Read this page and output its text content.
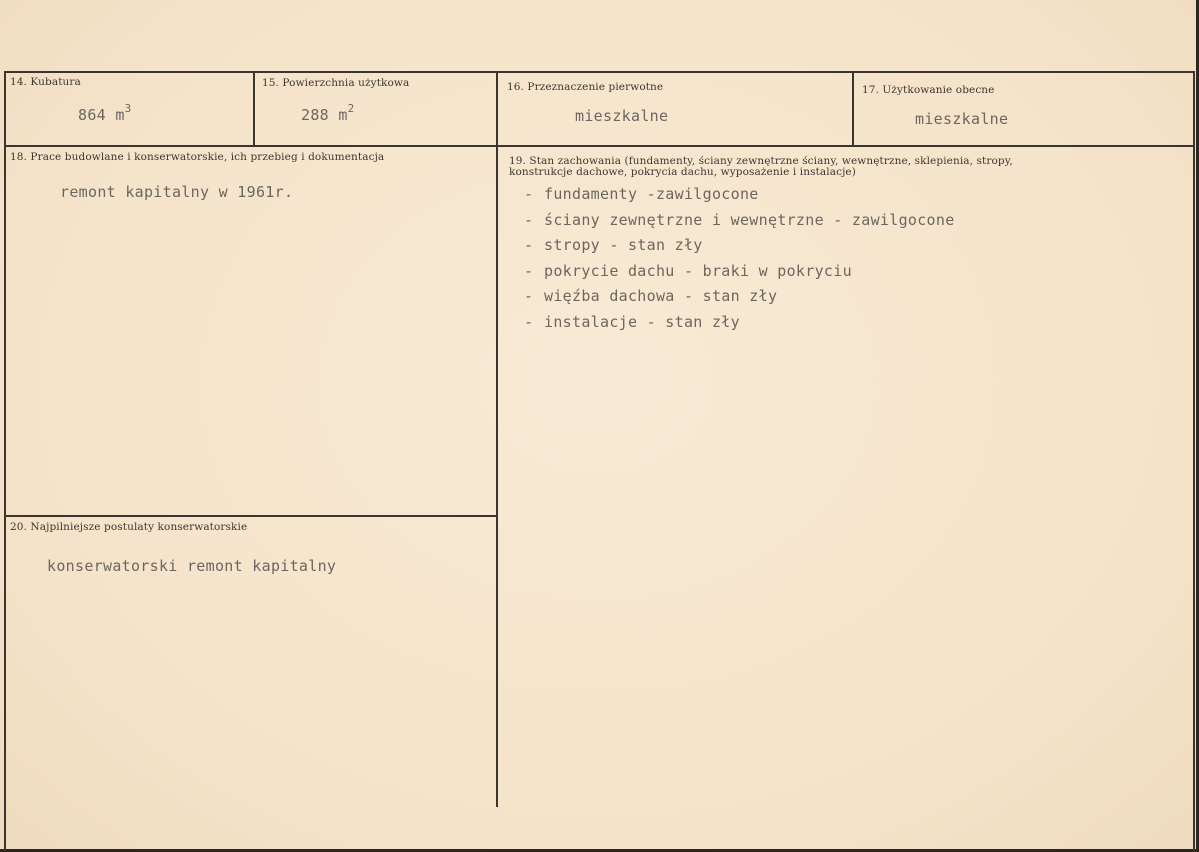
14. Kubatura
864 $m^3$
15. Powierzchnia użytkowa
288 $m^2$
16. Przeznaczenie pierwotne
mieszkalne
17. Użytkowanie obecne
mieszkalne
18. Prace budowlane i konserwatorskie, ich przebieg i dokumentacja
remont kapitalny w 1961r.
19. Stan zachowania (fundamenty, ściany zewnętrzne ściany, wewnętrzne, sklepienia, stropy, konstrukcje dachowe, pokrycia dachu, wyposażenie i instalacje)
- fundamenty -zawilgocone
- ściany zewnętrzne i wewnętrzne - zawilgocone
- stropy - stan zły
- pokrycie dachu - braki w pokryciu
- więźba dachowa - stan zły
- instalacje - stan zły
20. Najpilniejsze postulaty konserwatorskie
konserwatorski remont kapitalny
